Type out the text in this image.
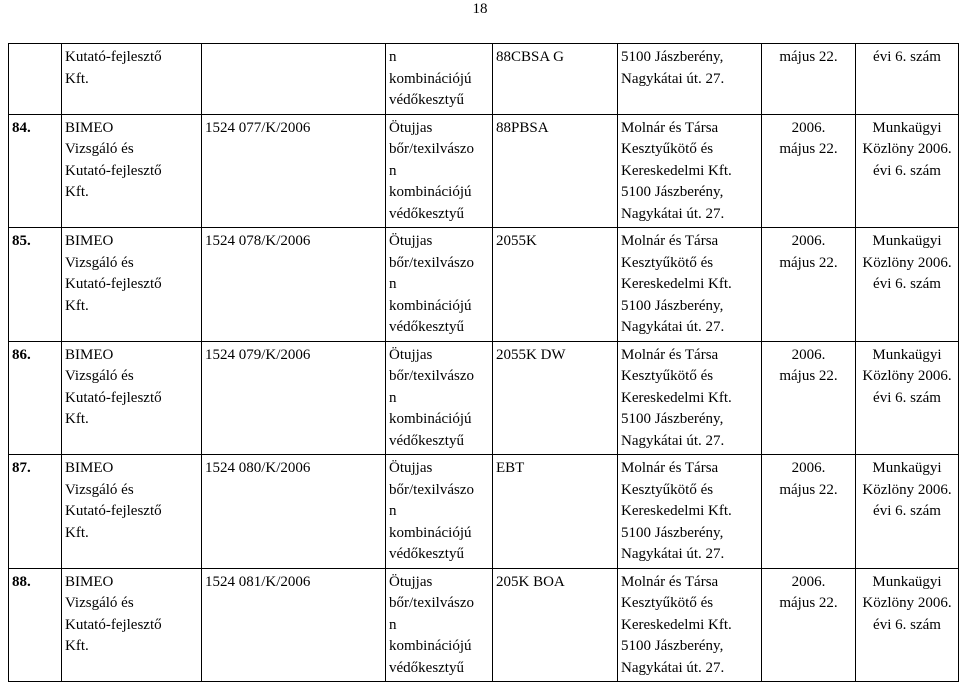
18

	Kutató-fejlesztő
Kft.		n
kombinációjú
védőkesztyű	88CBSA G	5100 Jászberény,
Nagykátai út. 27.	május 22.	évi 6. szám

84.	BIMEO
Vizsgáló és
Kutató-fejlesztő
Kft.	1524 077/K/2006	Ötujjas
bőr/texilvászo
n
kombinációjú
védőkesztyű	88PBSA	Molnár és Társa
Kesztyűkötő és
Kereskedelmi Kft.
5100 Jászberény,
Nagykátai út. 27.	2006.
május 22.	Munkaügyi
Közlöny 2006.
évi 6. szám

85.	BIMEO
Vizsgáló és
Kutató-fejlesztő
Kft.	1524 078/K/2006	Ötujjas
bőr/texilvászo
n
kombinációjú
védőkesztyű	2055K	Molnár és Társa
Kesztyűkötő és
Kereskedelmi Kft.
5100 Jászberény,
Nagykátai út. 27.	2006.
május 22.	Munkaügyi
Közlöny 2006.
évi 6. szám

86.	BIMEO
Vizsgáló és
Kutató-fejlesztő
Kft.	1524 079/K/2006	Ötujjas
bőr/texilvászo
n
kombinációjú
védőkesztyű	2055K DW	Molnár és Társa
Kesztyűkötő és
Kereskedelmi Kft.
5100 Jászberény,
Nagykátai út. 27.	2006.
május 22.	Munkaügyi
Közlöny 2006.
évi 6. szám

87.	BIMEO
Vizsgáló és
Kutató-fejlesztő
Kft.	1524 080/K/2006	Ötujjas
bőr/texilvászo
n
kombinációjú
védőkesztyű	EBT	Molnár és Társa
Kesztyűkötő és
Kereskedelmi Kft.
5100 Jászberény,
Nagykátai út. 27.	2006.
május 22.	Munkaügyi
Közlöny 2006.
évi 6. szám

88.	BIMEO
Vizsgáló és
Kutató-fejlesztő
Kft.	1524 081/K/2006	Ötujjas
bőr/texilvászo
n
kombinációjú
védőkesztyű	205K BOA	Molnár és Társa
Kesztyűkötő és
Kereskedelmi Kft.
5100 Jászberény,
Nagykátai út. 27.	2006.
május 22.	Munkaügyi
Közlöny 2006.
évi 6. szám
